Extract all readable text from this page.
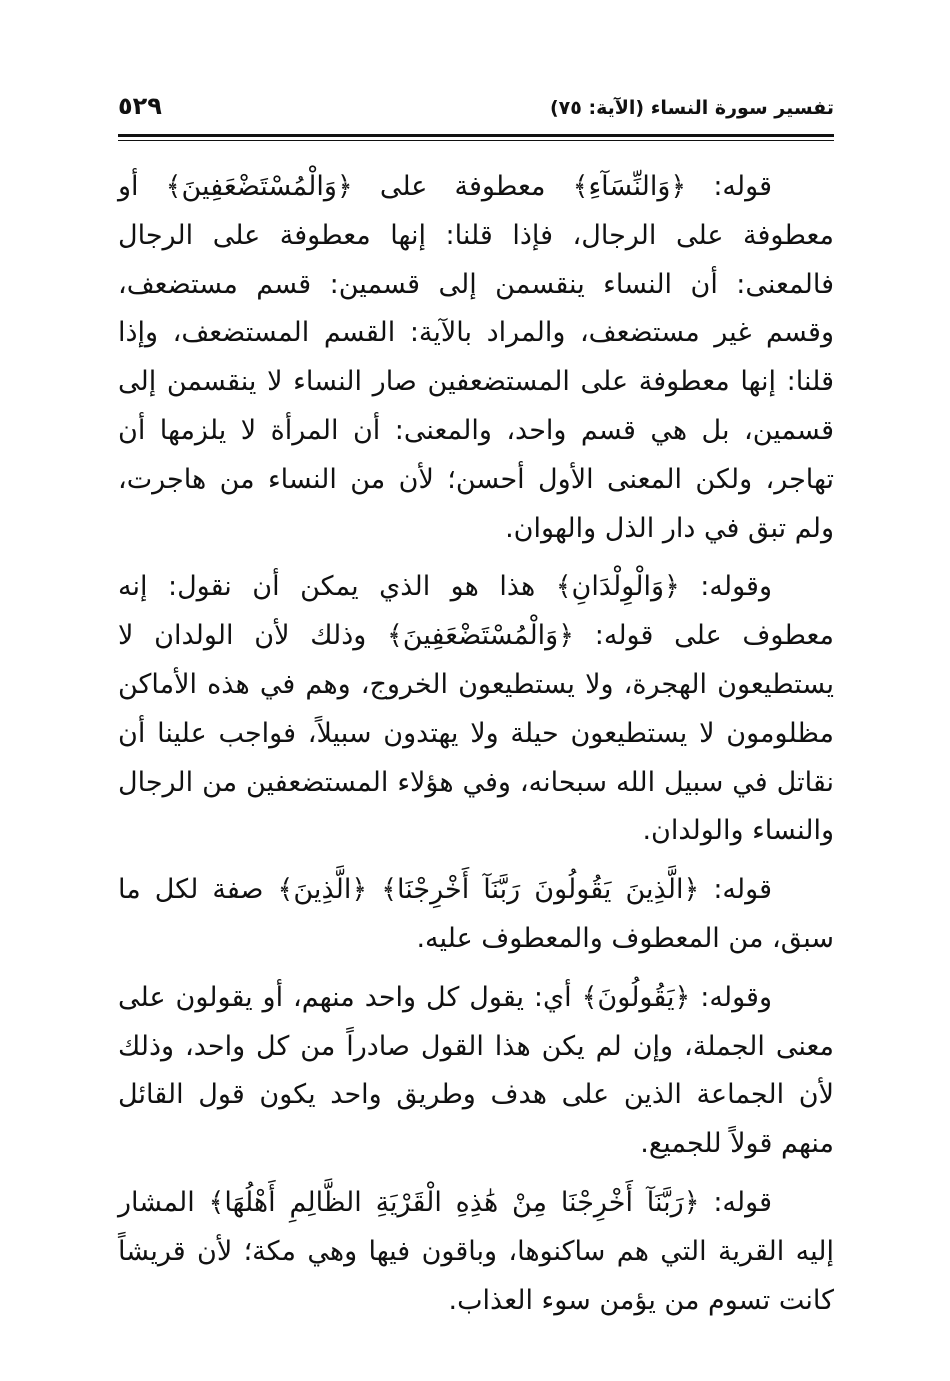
تفسير سورة النساء (الآية: ٧٥)
٥٢٩

قوله: ﴿وَالنِّسَآءِ﴾ معطوفة على ﴿وَالْمُسْتَضْعَفِينَ﴾ أو معطوفة على الرجال، فإذا قلنا: إنها معطوفة على الرجال فالمعنى: أن النساء ينقسمن إلى قسمين: قسم مستضعف، وقسم غير مستضعف، والمراد بالآية: القسم المستضعف، وإذا قلنا: إنها معطوفة على المستضعفين صار النساء لا ينقسمن إلى قسمين، بل هي قسم واحد، والمعنى: أن المرأة لا يلزمها أن تهاجر، ولكن المعنى الأول أحسن؛ لأن من النساء من هاجرت، ولم تبق في دار الذل والهوان.

وقوله: ﴿وَالْوِلْدَانِ﴾ هذا هو الذي يمكن أن نقول: إنه معطوف على قوله: ﴿وَالْمُسْتَضْعَفِينَ﴾ وذلك لأن الولدان لا يستطيعون الهجرة، ولا يستطيعون الخروج، وهم في هذه الأماكن مظلومون لا يستطيعون حيلة ولا يهتدون سبيلاً، فواجب علينا أن نقاتل في سبيل الله سبحانه، وفي هؤلاء المستضعفين من الرجال والنساء والولدان.

قوله: ﴿الَّذِينَ يَقُولُونَ رَبَّنَآ أَخْرِجْنَا﴾ ﴿الَّذِينَ﴾ صفة لكل ما سبق، من المعطوف والمعطوف عليه.

وقوله: ﴿يَقُولُونَ﴾ أي: يقول كل واحد منهم، أو يقولون على معنى الجملة، وإن لم يكن هذا القول صادراً من كل واحد، وذلك لأن الجماعة الذين على هدف وطريق واحد يكون قول القائل منهم قولاً للجميع.

قوله: ﴿رَبَّنَآ أَخْرِجْنَا مِنْ هَٰذِهِ الْقَرْيَةِ الظَّالِمِ أَهْلُهَا﴾ المشار إليه القرية التي هم ساكنوها، وباقون فيها وهي مكة؛ لأن قريشاً كانت تسوم من يؤمن سوء العذاب.
